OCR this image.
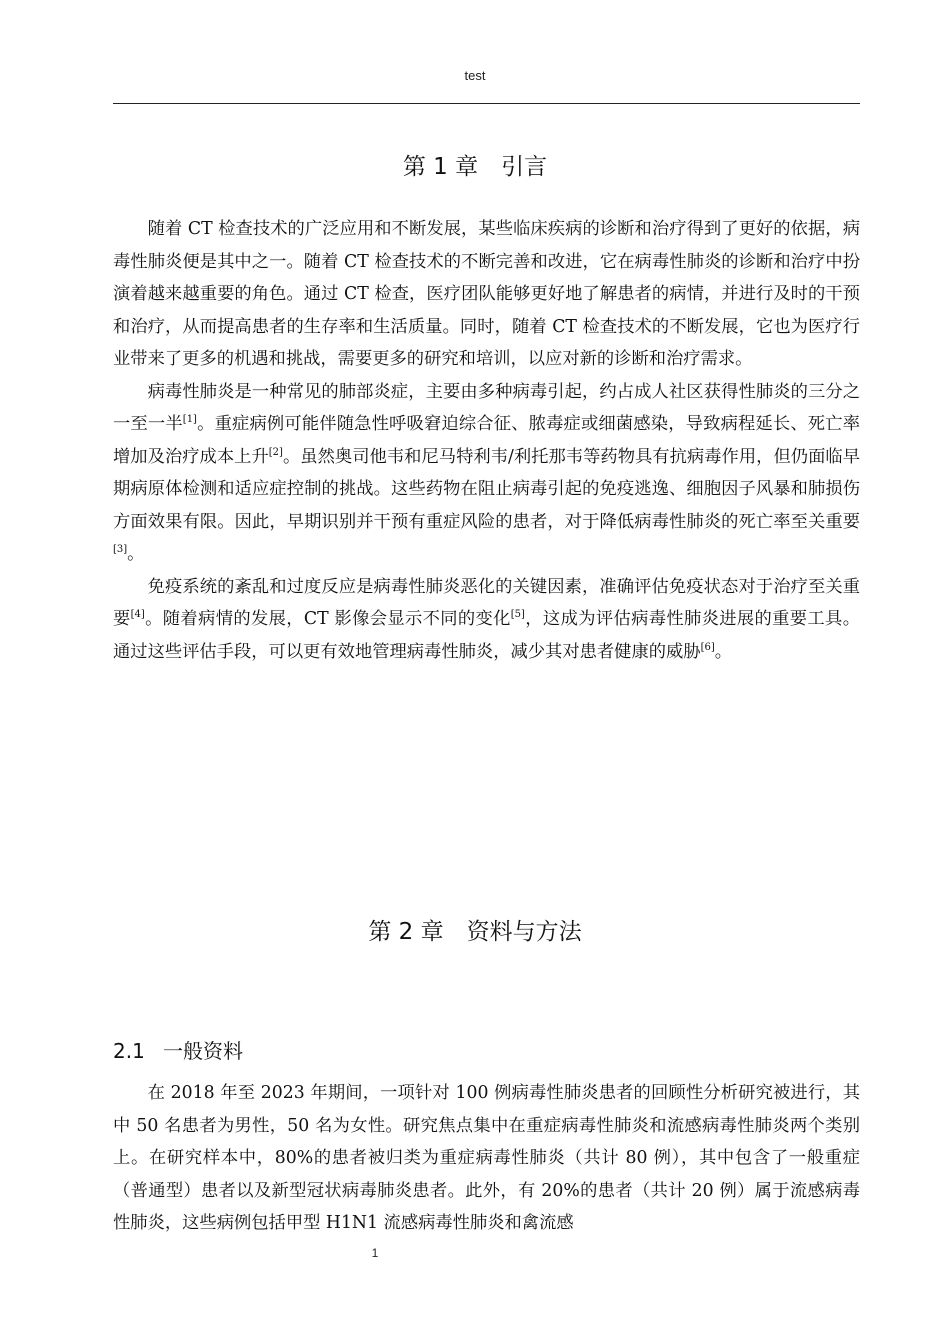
test
第 1 章　引言

随着 CT 检查技术的广泛应用和不断发展，某些临床疾病的诊断和治疗得到了更好的依据，病毒性肺炎便是其中之一。随着 CT 检查技术的不断完善和改进，它在病毒性肺炎的诊断和治疗中扮演着越来越重要的角色。通过 CT 检查，医疗团队能够更好地了解患者的病情，并进行及时的干预和治疗，从而提高患者的生存率和生活质量。同时，随着 CT 检查技术的不断发展，它也为医疗行业带来了更多的机遇和挑战，需要更多的研究和培训，以应对新的诊断和治疗需求。

病毒性肺炎是一种常见的肺部炎症，主要由多种病毒引起，约占成人社区获得性肺炎的三分之一至一半[1]。重症病例可能伴随急性呼吸窘迫综合征、脓毒症或细菌感染，导致病程延长、死亡率增加及治疗成本上升[2]。虽然奥司他韦和尼马特利韦/利托那韦等药物具有抗病毒作用，但仍面临早期病原体检测和适应症控制的挑战。这些药物在阻止病毒引起的免疫逃逸、细胞因子风暴和肺损伤方面效果有限。因此，早期识别并干预有重症风险的患者，对于降低病毒性肺炎的死亡率至关重要[3]。

免疫系统的紊乱和过度反应是病毒性肺炎恶化的关键因素，准确评估免疫状态对于治疗至关重要[4]。随着病情的发展，CT 影像会显示不同的变化[5]，这成为评估病毒性肺炎进展的重要工具。通过这些评估手段，可以更有效地管理病毒性肺炎，减少其对患者健康的威胁[6]。

第 2 章　资料与方法
2.1 一般资料

在 2018 年至 2023 年期间，一项针对 100 例病毒性肺炎患者的回顾性分析研究被进行，其中 50 名患者为男性，50 名为女性。研究焦点集中在重症病毒性肺炎和流感病毒性肺炎两个类别上。在研究样本中，80%的患者被归类为重症病毒性肺炎（共计 80 例），其中包含了一般重症（普通型）患者以及新型冠状病毒肺炎患者。此外，有 20%的患者（共计 20 例）属于流感病毒性肺炎，这些病例包括甲型 H1N1 流感病毒性肺炎和禽流感

1
